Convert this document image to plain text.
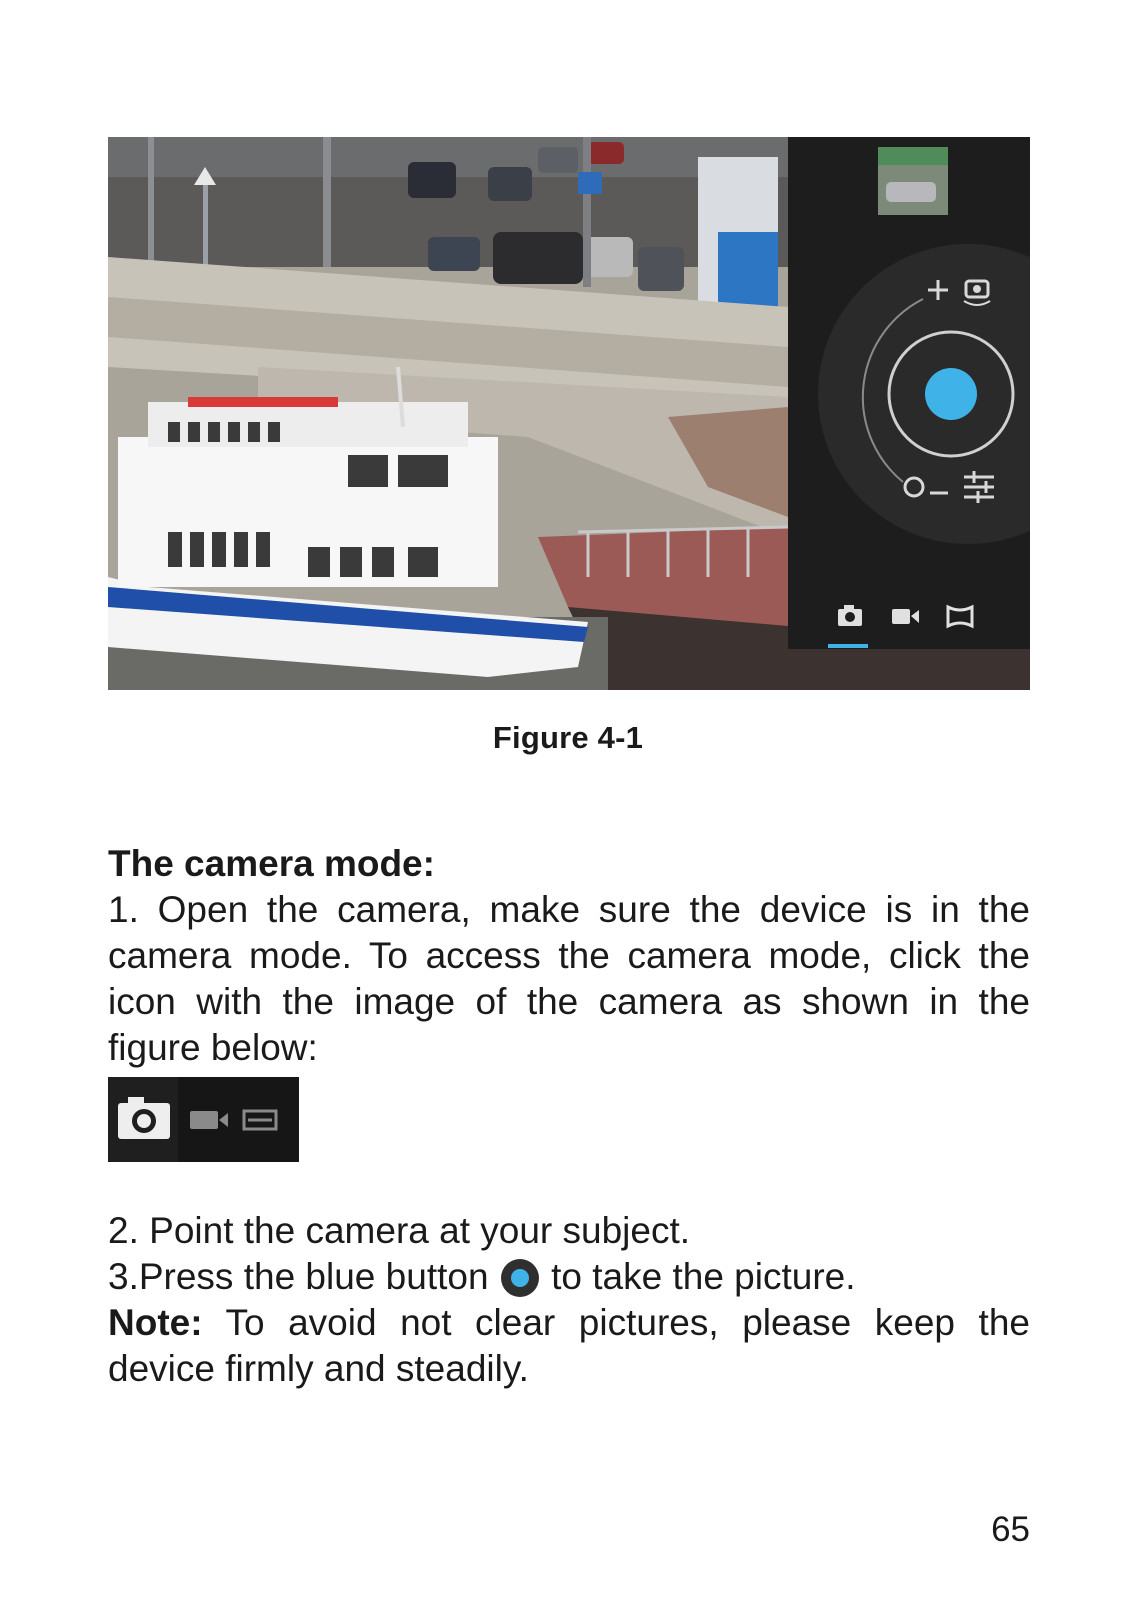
Figure 4-1
The camera mode:
1. Open the camera, make sure the device is in the camera mode. To access the camera mode, click the icon with the image of the camera as shown in the figure below:
2. Point the camera at your subject.
3.Press the blue button to take the picture.
Note: To avoid not clear pictures, please keep the device firmly and steadily.
65
